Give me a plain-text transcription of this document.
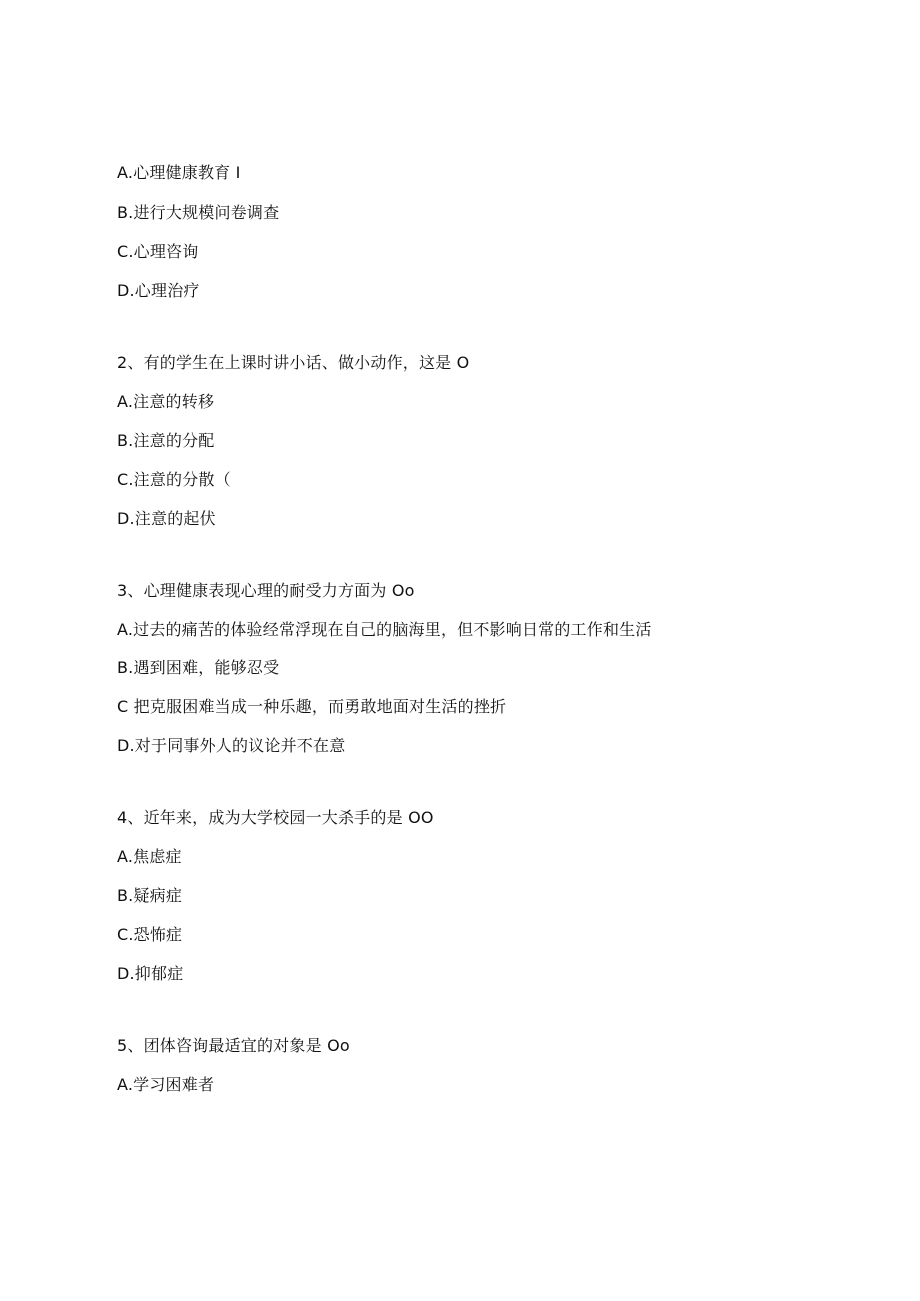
A.心理健康教育 I
B.进行大规模问卷调查
C.心理咨询
D.心理治疗
2、有的学生在上课时讲小话、做小动作，这是 O
A.注意的转移
B.注意的分配
C.注意的分散（
D.注意的起伏
3、心理健康表现心理的耐受力方面为 Oo
A.过去的痛苦的体验经常浮现在自己的脑海里，但不影响日常的工作和生活
B.遇到困难，能够忍受
C 把克服困难当成一种乐趣，而勇敢地面对生活的挫折
D.对于同事外人的议论并不在意
4、近年来，成为大学校园一大杀手的是 OO
A.焦虑症
B.疑病症
C.恐怖症
D.抑郁症
5、团体咨询最适宜的对象是 Oo
A.学习困难者
